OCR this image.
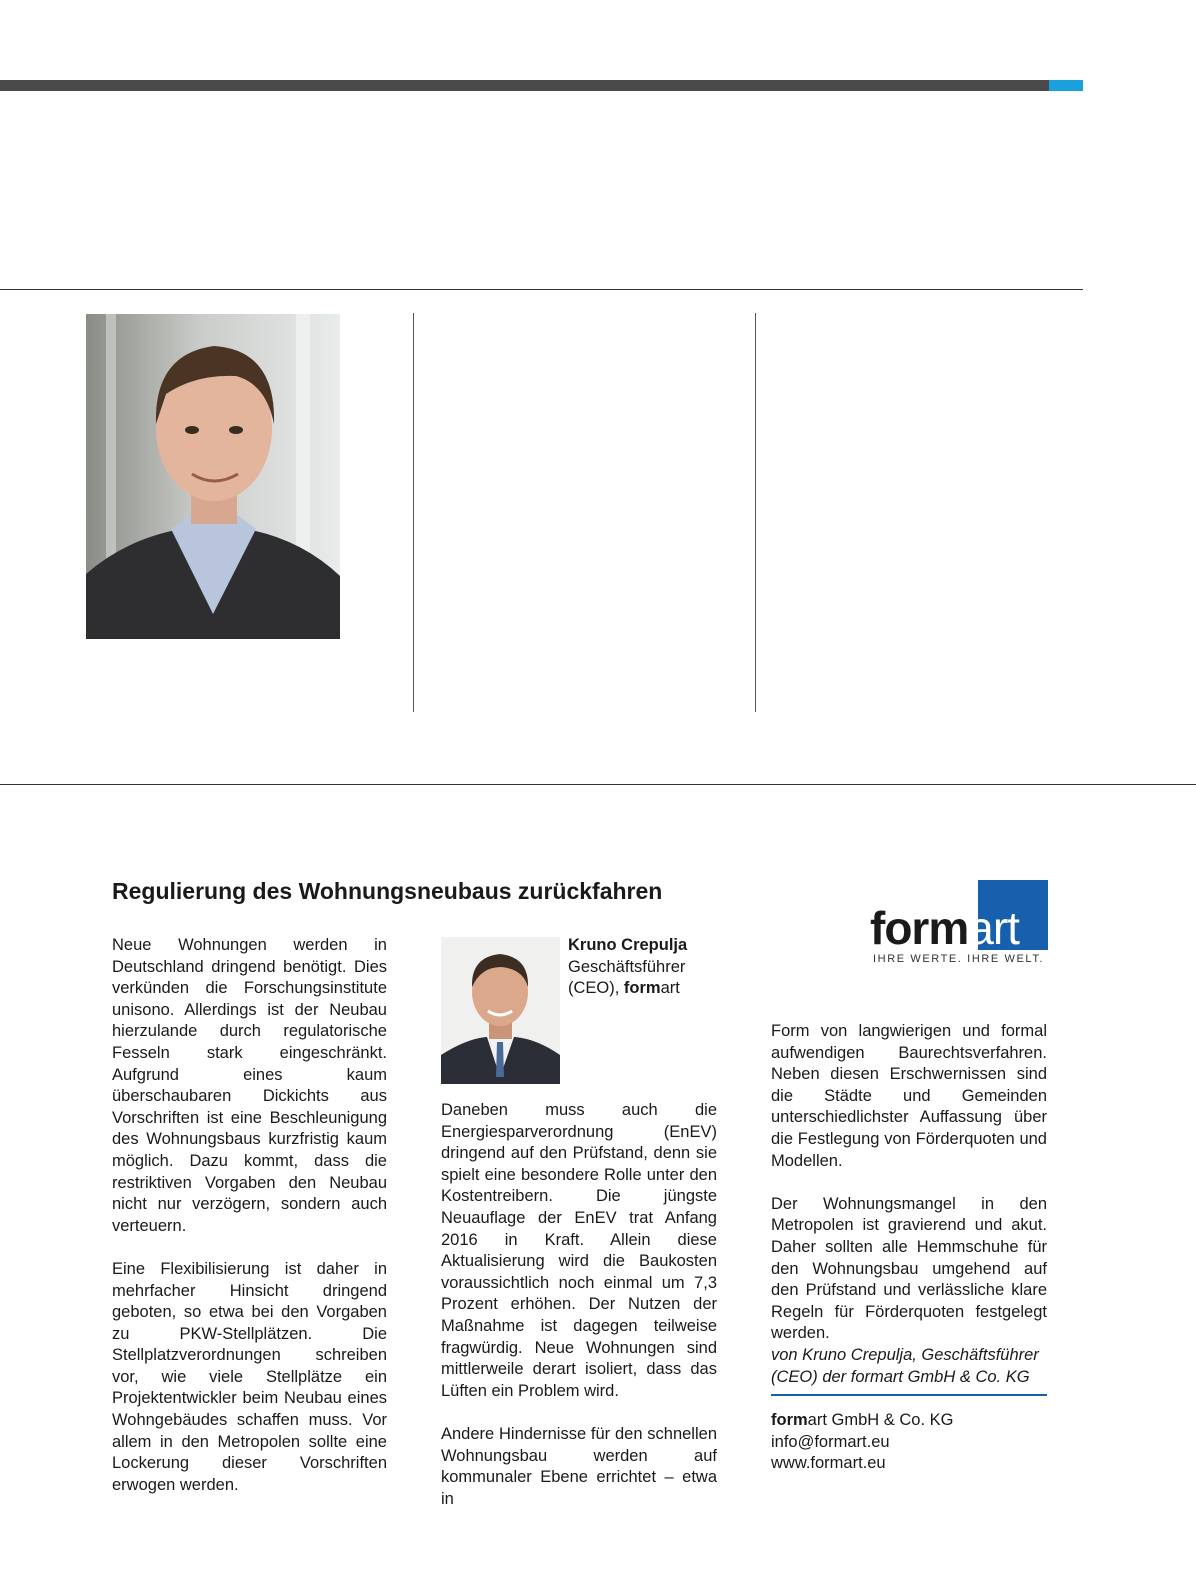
Regulierung des Wohnungsneubaus zurückfahren

Neue Wohnungen werden in Deutschland dringend benötigt. Dies verkünden die Forschungsinstitute unisono. Allerdings ist der Neubau hierzulande durch regulatorische Fesseln stark eingeschränkt. Aufgrund eines kaum überschaubaren Dickichts aus Vorschriften ist eine Beschleunigung des Wohnungsbaus kurzfristig kaum möglich. Dazu kommt, dass die restriktiven Vorgaben den Neubau nicht nur verzögern, sondern auch verteuern.

Eine Flexibilisierung ist daher in mehrfacher Hinsicht dringend geboten, so etwa bei den Vorgaben zu PKW-Stellplätzen. Die Stellplatzverordnungen schreiben vor, wie viele Stellplätze ein Projektentwickler beim Neubau eines Wohngebäudes schaffen muss. Vor allem in den Metropolen sollte eine Lockerung dieser Vorschriften erwogen werden.

Kruno Crepulja
Geschäftsführer
(CEO), formart

Daneben muss auch die Energiesparverordnung (EnEV) dringend auf den Prüfstand, denn sie spielt eine besondere Rolle unter den Kostentreibern. Die jüngste Neuauflage der EnEV trat Anfang 2016 in Kraft. Allein diese Aktualisierung wird die Baukosten voraussichtlich noch einmal um 7,3 Prozent erhöhen. Der Nutzen der Maßnahme ist dagegen teilweise fragwürdig. Neue Wohnungen sind mittlerweile derart isoliert, dass das Lüften ein Problem wird.

Andere Hindernisse für den schnellen Wohnungsbau werden auf kommunaler Ebene errichtet – etwa in

formart
IHRE WERTE. IHRE WELT.

Form von langwierigen und formal aufwendigen Baurechtsverfahren. Neben diesen Erschwernissen sind die Städte und Gemeinden unterschiedlichster Auffassung über die Festlegung von Förderquoten und Modellen.

Der Wohnungsmangel in den Metropolen ist gravierend und akut. Daher sollten alle Hemmschuhe für den Wohnungsbau umgehend auf den Prüfstand und verlässliche klare Regeln für Förderquoten festgelegt werden.

von Kruno Crepulja, Geschäftsführer (CEO) der formart GmbH & Co. KG

formart GmbH & Co. KG
info@formart.eu
www.formart.eu
